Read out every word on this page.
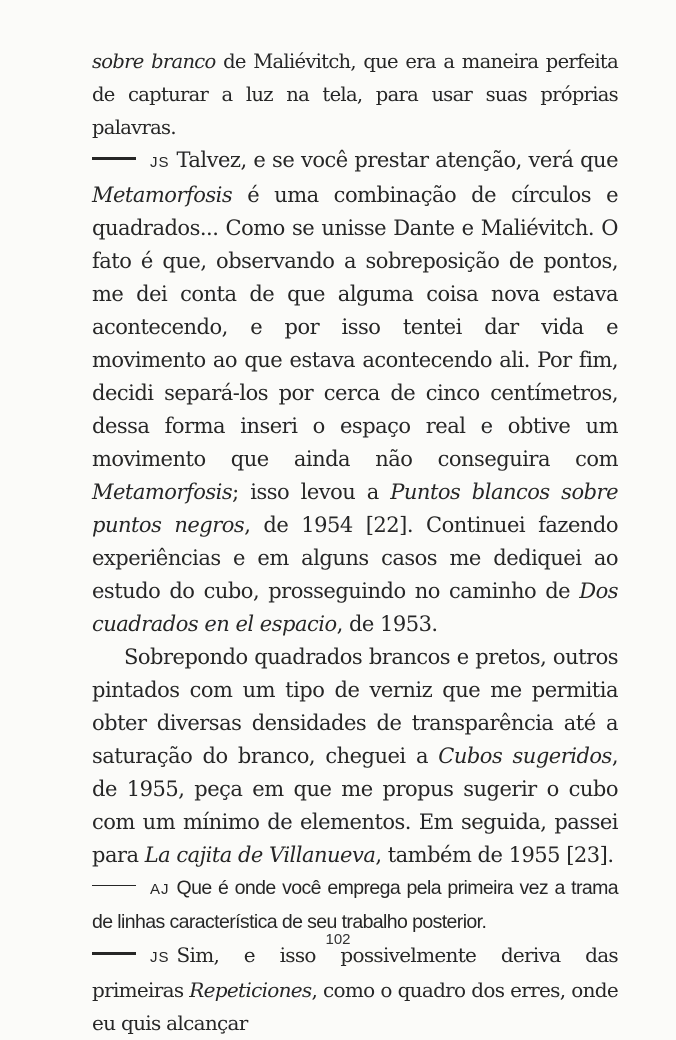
sobre branco de Maliévitch, que era a maneira perfeita de capturar a luz na tela, para usar suas próprias palavras.

JS Talvez, e se você prestar atenção, verá que Metamorfosis é uma combinação de círculos e quadrados... Como se unisse Dante e Maliévitch. O fato é que, observando a sobreposição de pontos, me dei conta de que alguma coisa nova estava acontecendo, e por isso tentei dar vida e movimento ao que estava acontecendo ali. Por fim, decidi separá-los por cerca de cinco centímetros, dessa forma inseri o espaço real e obtive um movimento que ainda não conseguira com Metamorfosis; isso levou a Puntos blancos sobre puntos negros, de 1954 [22]. Continuei fazendo experiências e em alguns casos me dediquei ao estudo do cubo, prosseguindo no caminho de Dos cuadrados en el espacio, de 1953.

Sobrepondo quadrados brancos e pretos, outros pintados com um tipo de verniz que me permitia obter diversas densidades de transparência até a saturação do branco, cheguei a Cubos sugeridos, de 1955, peça em que me propus sugerir o cubo com um mínimo de elementos. Em seguida, passei para La cajita de Villanueva, também de 1955 [23].

AJ Que é onde você emprega pela primeira vez a trama de linhas característica de seu trabalho posterior.

JS Sim, e isso possivelmente deriva das primeiras Repeticiones, como o quadro dos erres, onde eu quis alcançar

102
